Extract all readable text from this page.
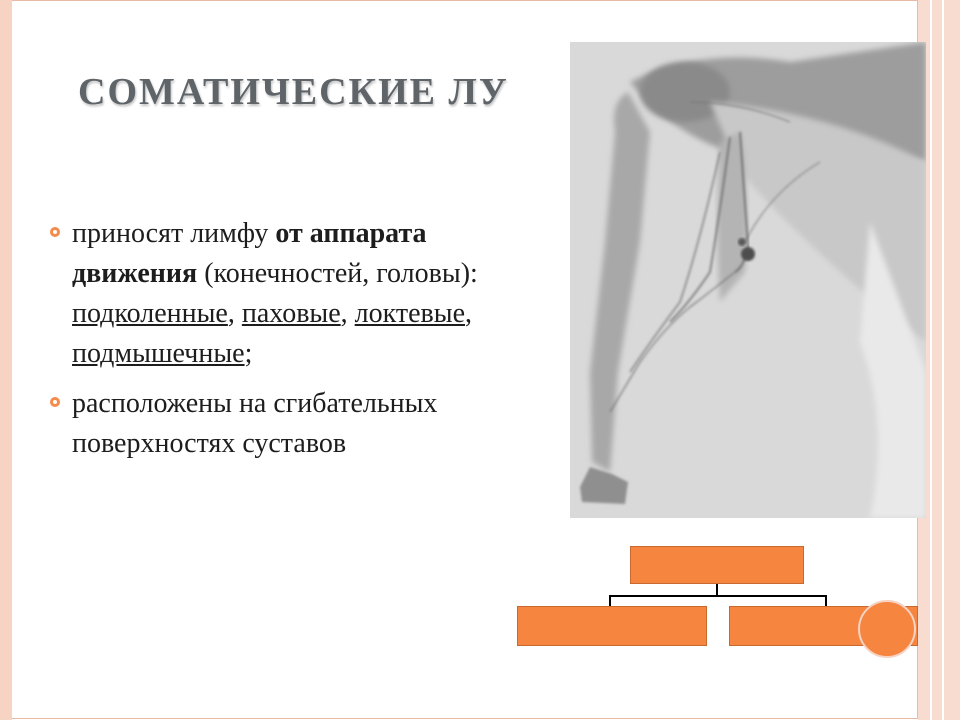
СОМАТИЧЕСКИЕ ЛУ

приносят лимфу от аппарата движения (конечностей, головы): подколенные, паховые, локтевые, подмышечные;

расположены на сгибательных поверхностях суставов
